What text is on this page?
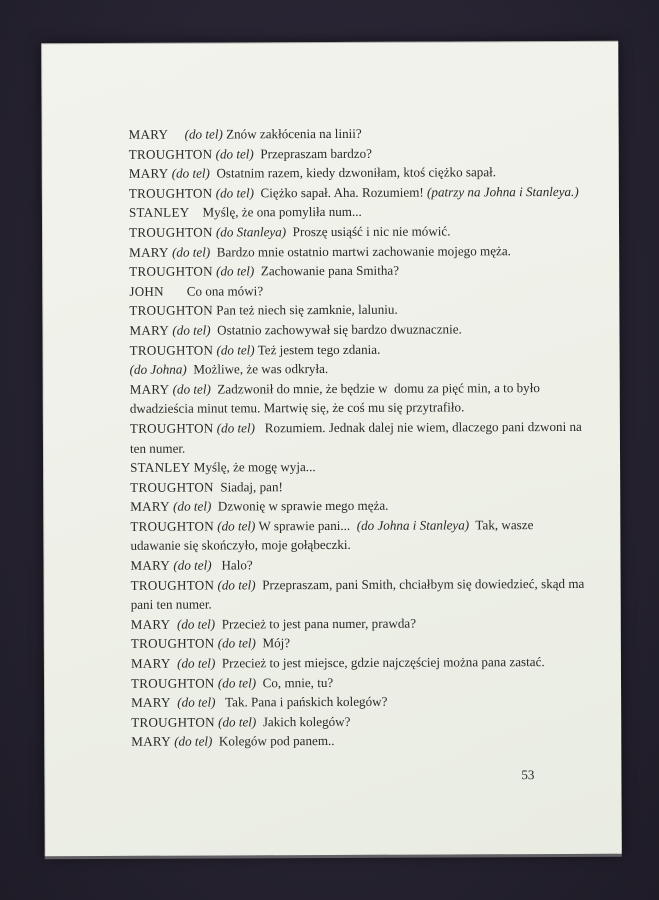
MARY (do tel) Znów zakłócenia na linii?
TROUGHTON (do tel)  Przepraszam bardzo?
MARY (do tel)  Ostatnim razem, kiedy dzwoniłam, ktoś ciężko sapał.
TROUGHTON (do tel)  Ciężko sapał. Aha. Rozumiem! (patrzy na Johna i Stanleya.)
STANLEY    Myślę, że ona pomyliła num...
TROUGHTON (do Stanleya)  Proszę usiąść i nic nie mówić.
MARY (do tel)  Bardzo mnie ostatnio martwi zachowanie mojego męża.
TROUGHTON (do tel)  Zachowanie pana Smitha?
JOHN       Co ona mówi?
TROUGHTON Pan też niech się zamknie, laluniu.
MARY (do tel)  Ostatnio zachowywał się bardzo dwuznacznie.
TROUGHTON (do tel) Też jestem tego zdania.
(do Johna)  Możliwe, że was odkryła.
MARY (do tel)  Zadzwonił do mnie, że będzie w  domu za pięć min, a to było
dwadzieścia minut temu. Martwię się, że coś mu się przytrafiło.
TROUGHTON (do tel)   Rozumiem. Jednak dalej nie wiem, dlaczego pani dzwoni na
ten numer.
STANLEY Myślę, że mogę wyja...
TROUGHTON  Siadaj, pan!
MARY (do tel)  Dzwonię w sprawie mego męża.
TROUGHTON (do tel) W sprawie pani...  (do Johna i Stanleya)  Tak, wasze
udawanie się skończyło, moje gołąbeczki.
MARY (do tel)   Halo?
TROUGHTON (do tel)  Przepraszam, pani Smith, chciałbym się dowiedzieć, skąd ma
pani ten numer.
MARY (do tel)  Przecież to jest pana numer, prawda?
TROUGHTON (do tel)  Mój?
MARY (do tel)  Przecież to jest miejsce, gdzie najczęściej można pana zastać.
TROUGHTON (do tel)  Co, mnie, tu?
MARY (do tel)   Tak. Pana i pańskich kolegów?
TROUGHTON (do tel)  Jakich kolegów?
MARY (do tel)  Kolegów pod panem..
53
